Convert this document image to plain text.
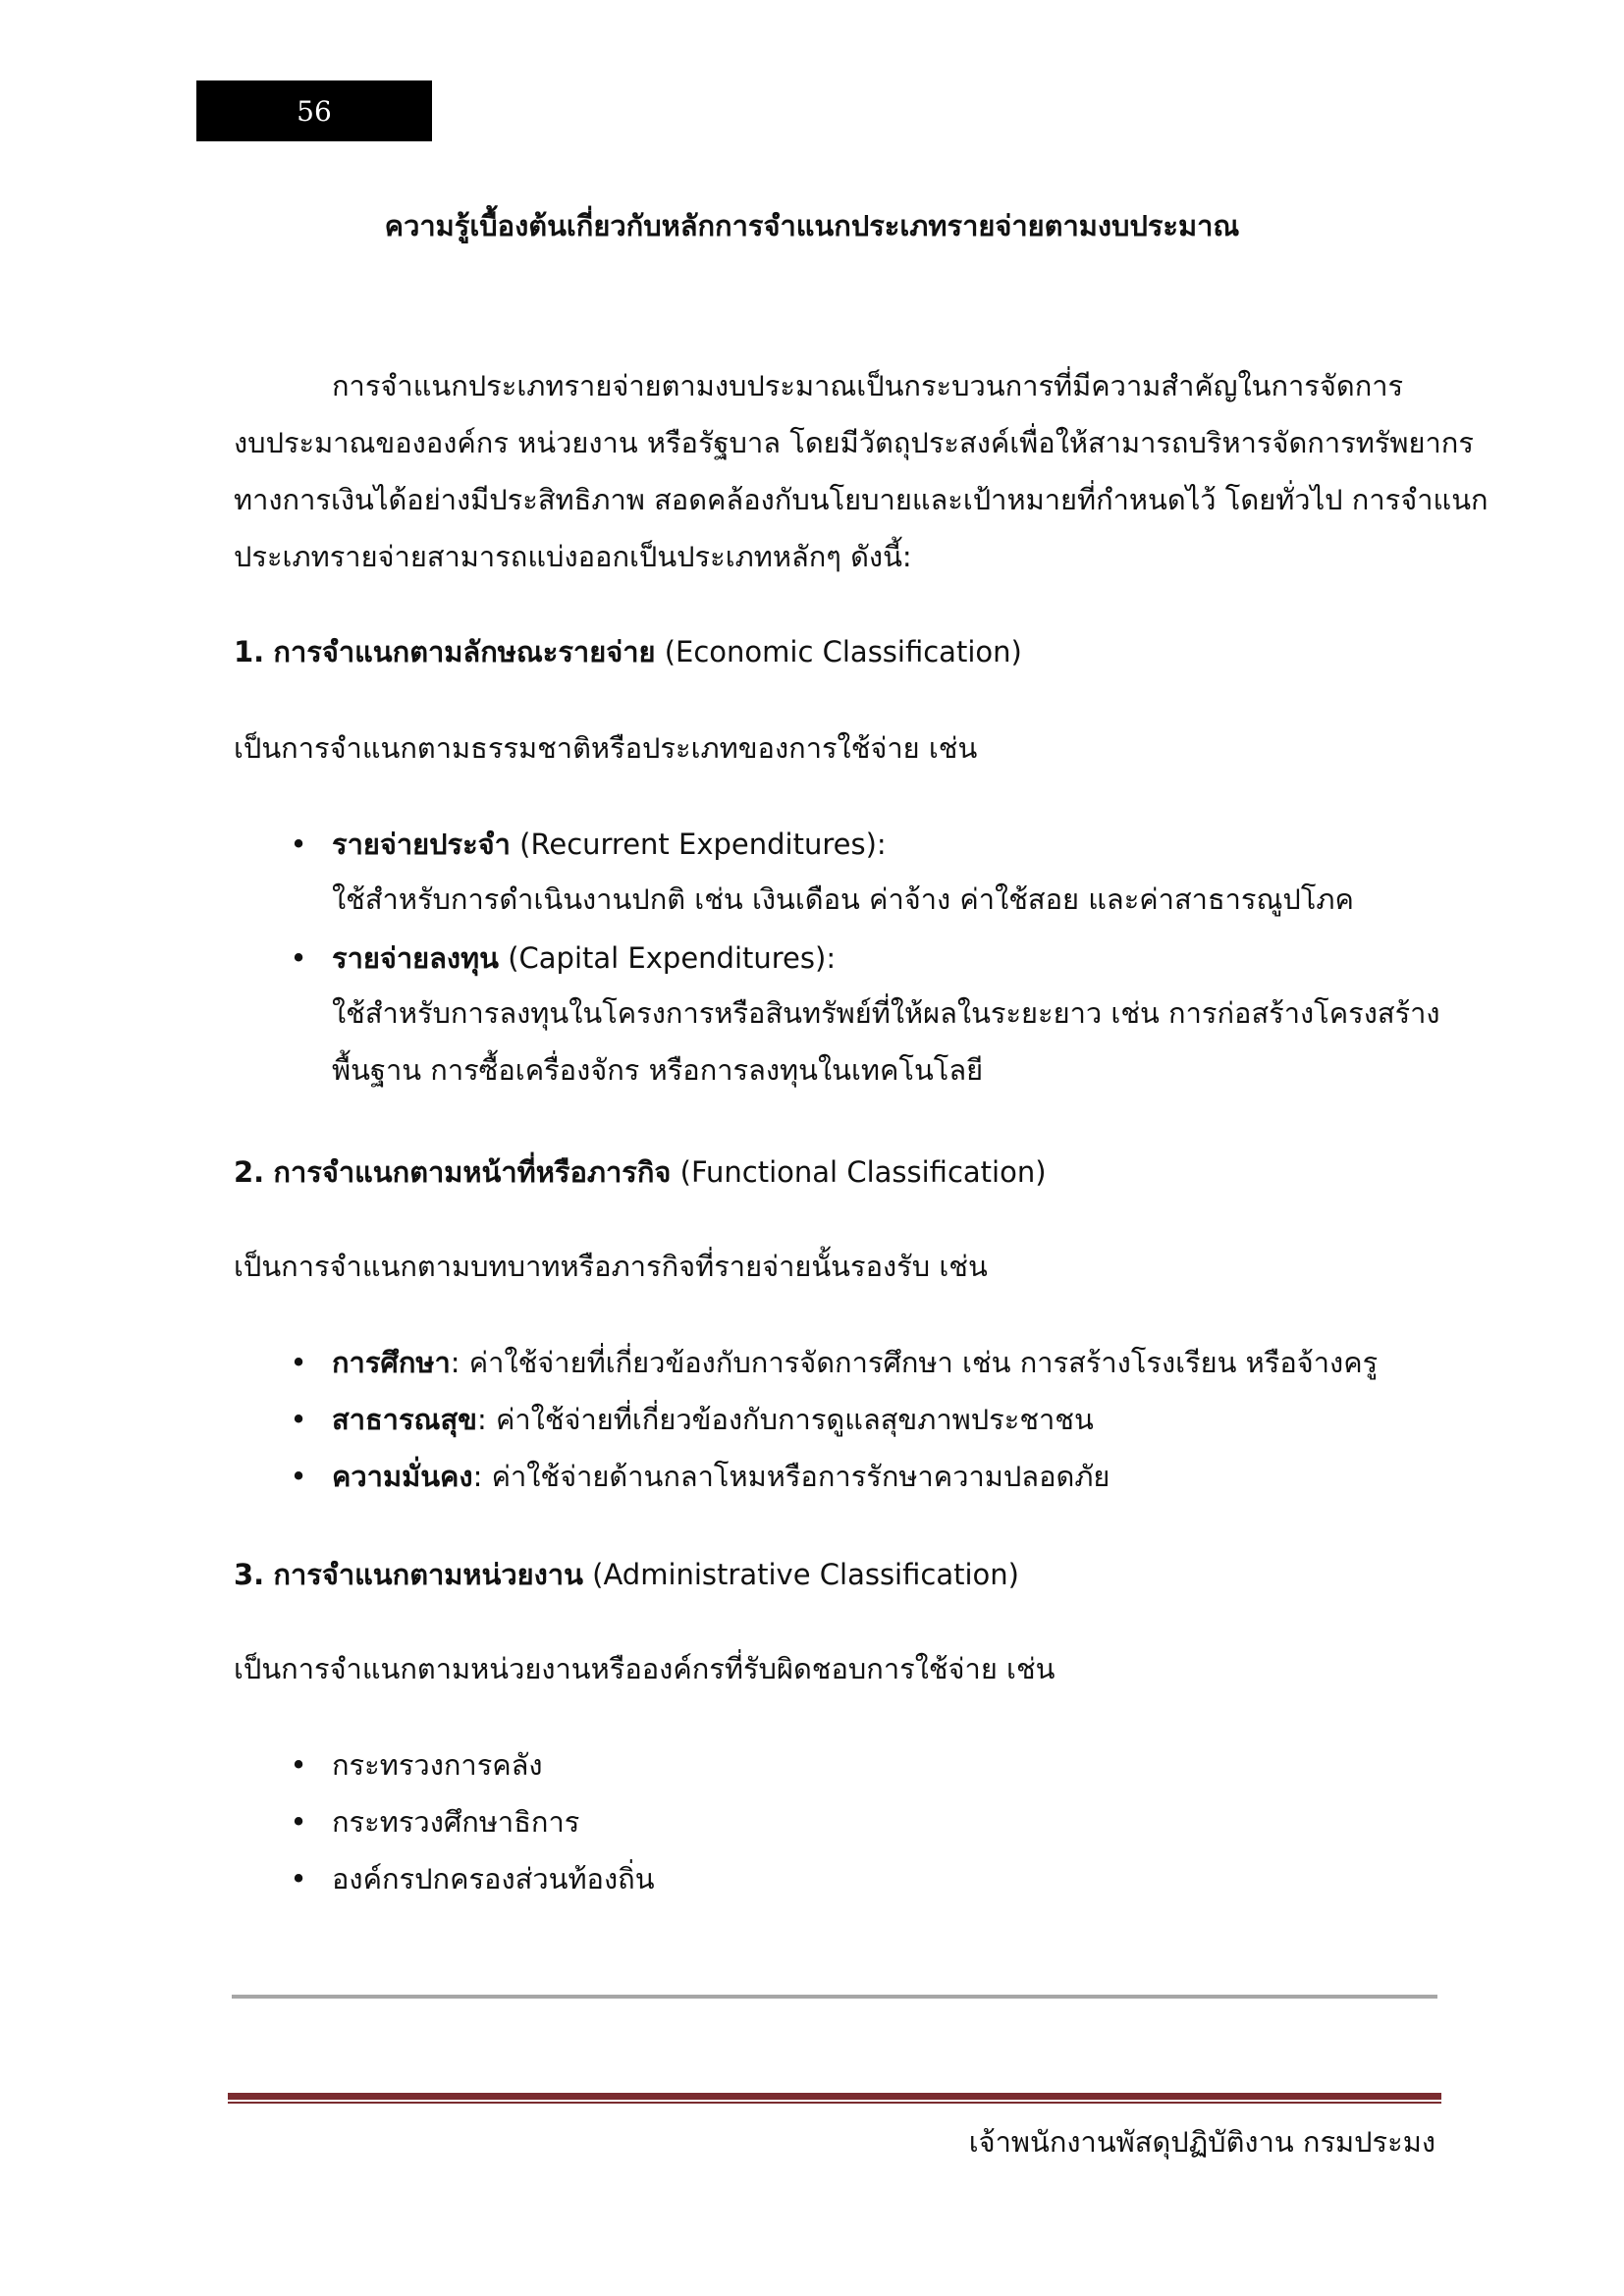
56
ความรู้เบื้องต้นเกี่ยวกับหลักการจำแนกประเภทรายจ่ายตามงบประมาณ
การจำแนกประเภทรายจ่ายตามงบประมาณเป็นกระบวนการที่มีความสำคัญในการจัดการ
งบประมาณขององค์กร หน่วยงาน หรือรัฐบาล โดยมีวัตถุประสงค์เพื่อให้สามารถบริหารจัดการทรัพยากร
ทางการเงินได้อย่างมีประสิทธิภาพ สอดคล้องกับนโยบายและเป้าหมายที่กำหนดไว้ โดยทั่วไป การจำแนก
ประเภทรายจ่ายสามารถแบ่งออกเป็นประเภทหลักๆ ดังนี้:
1. การจำแนกตามลักษณะรายจ่าย (Economic Classification)
เป็นการจำแนกตามธรรมชาติหรือประเภทของการใช้จ่าย เช่น
• รายจ่ายประจำ (Recurrent Expenditures):
ใช้สำหรับการดำเนินงานปกติ เช่น เงินเดือน ค่าจ้าง ค่าใช้สอย และค่าสาธารณูปโภค
• รายจ่ายลงทุน (Capital Expenditures):
ใช้สำหรับการลงทุนในโครงการหรือสินทรัพย์ที่ให้ผลในระยะยาว เช่น การก่อสร้างโครงสร้าง
พื้นฐาน การซื้อเครื่องจักร หรือการลงทุนในเทคโนโลยี
2. การจำแนกตามหน้าที่หรือภารกิจ (Functional Classification)
เป็นการจำแนกตามบทบาทหรือภารกิจที่รายจ่ายนั้นรองรับ เช่น
• การศึกษา: ค่าใช้จ่ายที่เกี่ยวข้องกับการจัดการศึกษา เช่น การสร้างโรงเรียน หรือจ้างครู
• สาธารณสุข: ค่าใช้จ่ายที่เกี่ยวข้องกับการดูแลสุขภาพประชาชน
• ความมั่นคง: ค่าใช้จ่ายด้านกลาโหมหรือการรักษาความปลอดภัย
3. การจำแนกตามหน่วยงาน (Administrative Classification)
เป็นการจำแนกตามหน่วยงานหรือองค์กรที่รับผิดชอบการใช้จ่าย เช่น
• กระทรวงการคลัง
• กระทรวงศึกษาธิการ
• องค์กรปกครองส่วนท้องถิ่น
เจ้าพนักงานพัสดุปฏิบัติงาน กรมประมง
